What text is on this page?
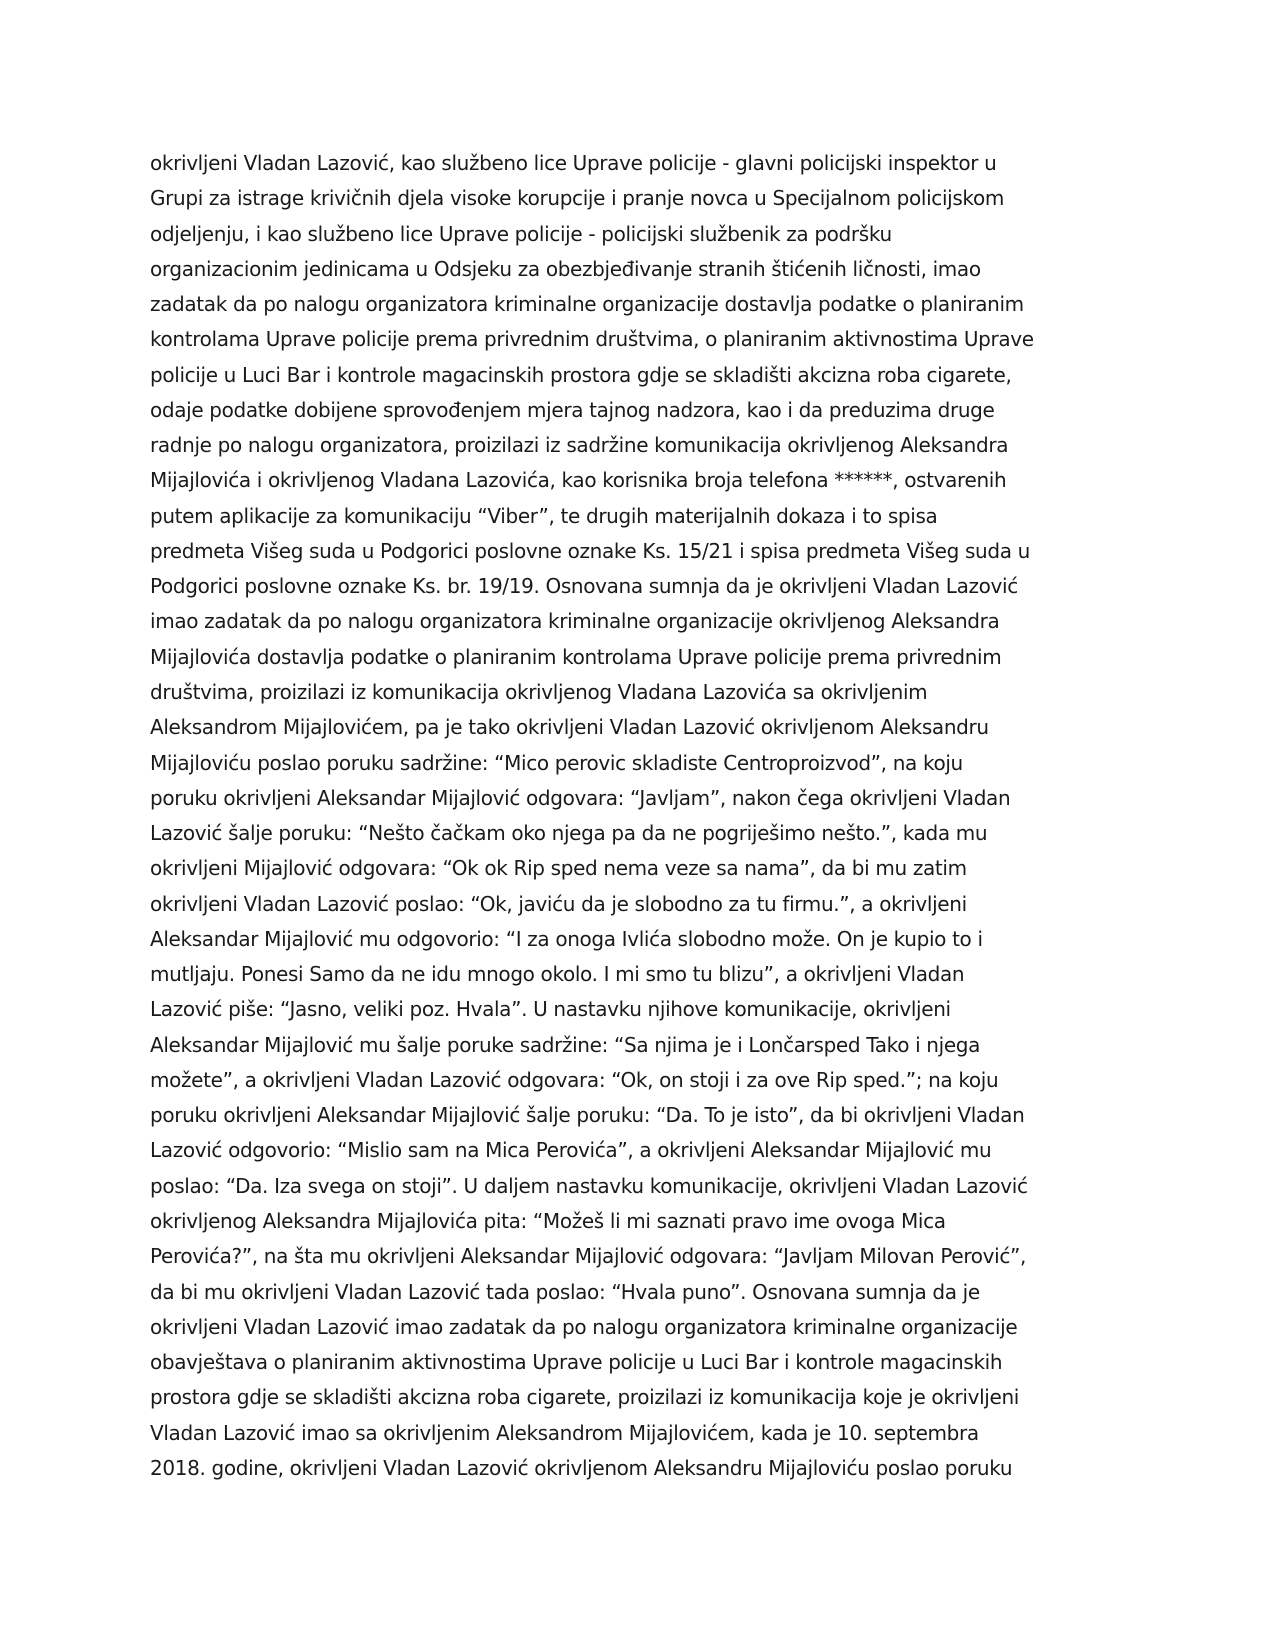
okrivljeni Vladan Lazović, kao službeno lice Uprave policije - glavni policijski inspektor u
Grupi za istrage krivičnih djela visoke korupcije i pranje novca u Specijalnom policijskom
odjeljenju, i kao službeno lice Uprave policije - policijski službenik za podršku
organizacionim jedinicama u Odsjeku za obezbjeđivanje stranih štićenih ličnosti, imao
zadatak da po nalogu organizatora kriminalne organizacije dostavlja podatke o planiranim
kontrolama Uprave policije prema privrednim društvima, o planiranim aktivnostima Uprave
policije u Luci Bar i kontrole magacinskih prostora gdje se skladišti akcizna roba cigarete,
odaje podatke dobijene sprovođenjem mjera tajnog nadzora, kao i da preduzima druge
radnje po nalogu organizatora, proizilazi iz sadržine komunikacija okrivljenog Aleksandra
Mijajlovića i okrivljenog Vladana Lazovića, kao korisnika broja telefona ******, ostvarenih
putem aplikacije za komunikaciju “Viber”, te drugih materijalnih dokaza i to spisa
predmeta Višeg suda u Podgorici poslovne oznake Ks. 15/21 i spisa predmeta Višeg suda u
Podgorici poslovne oznake Ks. br. 19/19. Osnovana sumnja da je okrivljeni Vladan Lazović
imao zadatak da po nalogu organizatora kriminalne organizacije okrivljenog Aleksandra
Mijajlovića dostavlja podatke o planiranim kontrolama Uprave policije prema privrednim
društvima, proizilazi iz komunikacija okrivljenog Vladana Lazovića sa okrivljenim
Aleksandrom Mijajlovićem, pa je tako okrivljeni Vladan Lazović okrivljenom Aleksandru
Mijajloviću poslao poruku sadržine: “Mico perovic skladiste Centroproizvod”, na koju
poruku okrivljeni Aleksandar Mijajlović odgovara: “Javljam”, nakon čega okrivljeni Vladan
Lazović šalje poruku: “Nešto čačkam oko njega pa da ne pogriješimo nešto.”, kada mu
okrivljeni Mijajlović odgovara: “Ok ok Rip sped nema veze sa nama”, da bi mu zatim
okrivljeni Vladan Lazović poslao: “Ok, javiću da je slobodno za tu firmu.”, a okrivljeni
Aleksandar Mijajlović mu odgovorio: “I za onoga Ivlića slobodno može. On je kupio to i
mutljaju. Ponesi Samo da ne idu mnogo okolo. I mi smo tu blizu”, a okrivljeni Vladan
Lazović piše: “Jasno, veliki poz. Hvala”. U nastavku njihove komunikacije, okrivljeni
Aleksandar Mijajlović mu šalje poruke sadržine: “Sa njima je i Lončarsped Tako i njega
možete”, a okrivljeni Vladan Lazović odgovara: “Ok, on stoji i za ove Rip sped.”; na koju
poruku okrivljeni Aleksandar Mijajlović šalje poruku: “Da. To je isto”, da bi okrivljeni Vladan
Lazović odgovorio: “Mislio sam na Mica Perovića”, a okrivljeni Aleksandar Mijajlović mu
poslao: “Da. Iza svega on stoji”. U daljem nastavku komunikacije, okrivljeni Vladan Lazović
okrivljenog Aleksandra Mijajlovića pita: “Možeš li mi saznati pravo ime ovoga Mica
Perovića?”, na šta mu okrivljeni Aleksandar Mijajlović odgovara: “Javljam Milovan Perović”,
da bi mu okrivljeni Vladan Lazović tada poslao: “Hvala puno”. Osnovana sumnja da je
okrivljeni Vladan Lazović imao zadatak da po nalogu organizatora kriminalne organizacije
obavještava o planiranim aktivnostima Uprave policije u Luci Bar i kontrole magacinskih
prostora gdje se skladišti akcizna roba cigarete, proizilazi iz komunikacija koje je okrivljeni
Vladan Lazović imao sa okrivljenim Aleksandrom Mijajlovićem, kada je 10. septembra
2018. godine, okrivljeni Vladan Lazović okrivljenom Aleksandru Mijajloviću poslao poruku
